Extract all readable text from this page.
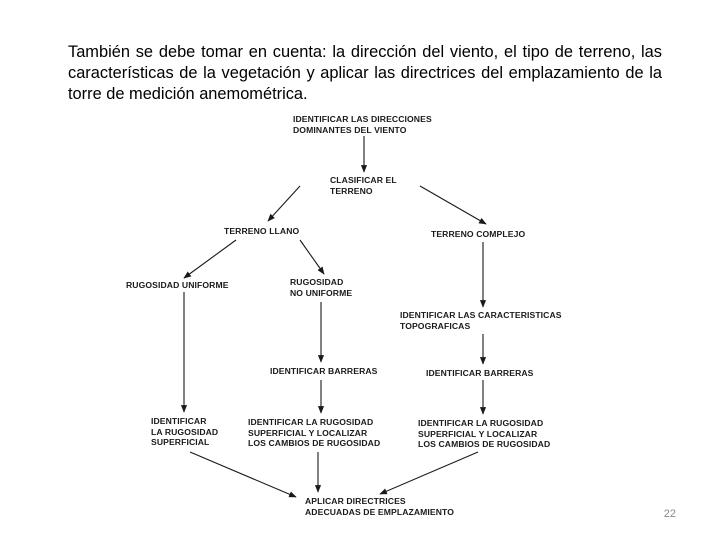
También se debe tomar en cuenta: la dirección del viento, el tipo de terreno, las características de la vegetación y aplicar las directrices del emplazamiento de la torre de medición anemométrica.

IDENTIFICAR LAS DIRECCIONES
DOMINANTES DEL VIENTO

CLASIFICAR EL
TERRENO

TERRENO LLANO	TERRENO COMPLEJO

RUGOSIDAD UNIFORME	RUGOSIDAD
NO UNIFORME

IDENTIFICAR LAS CARACTERISTICAS
TOPOGRAFICAS

IDENTIFICAR BARRERAS	IDENTIFICAR BARRERAS

IDENTIFICAR
LA RUGOSIDAD
SUPERFICIAL

IDENTIFICAR LA RUGOSIDAD
SUPERFICIAL Y LOCALIZAR
LOS CAMBIOS DE RUGOSIDAD

IDENTIFICAR LA RUGOSIDAD
SUPERFICIAL Y LOCALIZAR
LOS CAMBIOS DE RUGOSIDAD

APLICAR DIRECTRICES
ADECUADAS DE EMPLAZAMIENTO	22
